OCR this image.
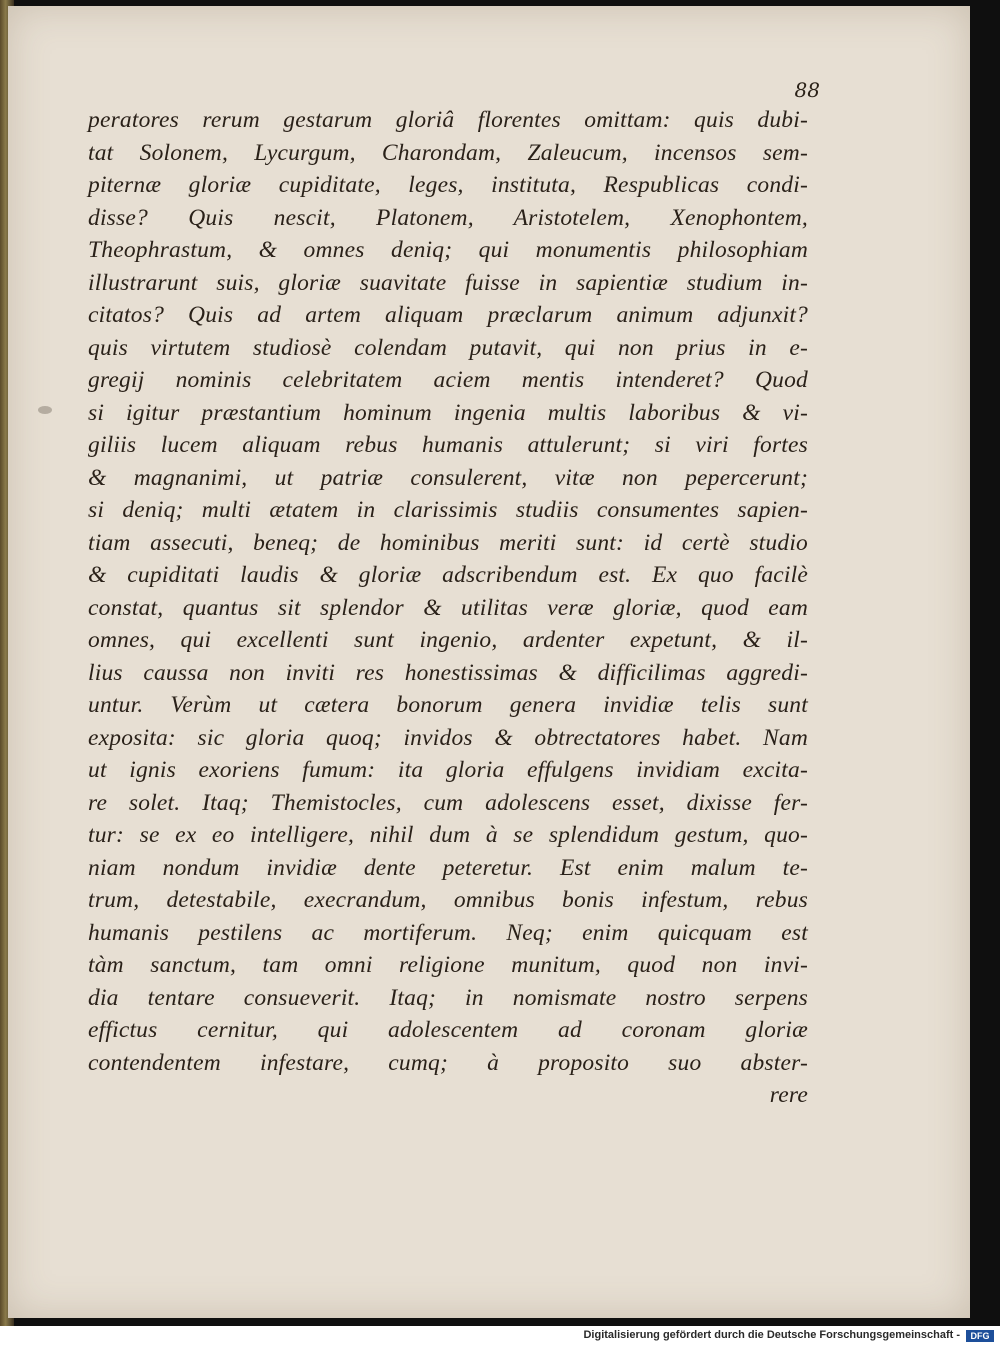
88
peratores rerum gestarum gloriâ florentes omittam: quis dubi-
tat Solonem, Lycurgum, Charondam, Zaleucum, incensos sem-
piternæ gloriæ cupiditate, leges, instituta, Respublicas condi-
disse? Quis nescit, Platonem, Aristotelem, Xenophontem,
Theophrastum, & omnes deniq; qui monumentis philosophiam
illustrarunt suis, gloriæ suavitate fuisse in sapientiæ studium in-
citatos? Quis ad artem aliquam præclarum animum adjunxit?
quis virtutem studiosè colendam putavit, qui non prius in e-
gregij nominis celebritatem aciem mentis intenderet? Quod
si igitur præstantium hominum ingenia multis laboribus & vi-
giliis lucem aliquam rebus humanis attulerunt; si viri fortes
& magnanimi, ut patriæ consulerent, vitæ non pepercerunt;
si deniq; multi ætatem in clarissimis studiis consumentes sapien-
tiam assecuti, beneq; de hominibus meriti sunt: id certè studio
& cupiditati laudis & gloriæ adscribendum est. Ex quo facilè
constat, quantus sit splendor & utilitas veræ gloriæ, quod eam
omnes, qui excellenti sunt ingenio, ardenter expetunt, & il-
lius caussa non inviti res honestissimas & difficilimas aggredi-
untur. Verùm ut cætera bonorum genera invidiæ telis sunt
exposita: sic gloria quoq; invidos & obtrectatores habet. Nam
ut ignis exoriens fumum: ita gloria effulgens invidiam excita-
re solet. Itaq; Themistocles, cum adolescens esset, dixisse fer-
tur: se ex eo intelligere, nihil dum à se splendidum gestum, quo-
niam nondum invidiæ dente peteretur. Est enim malum te-
trum, detestabile, execrandum, omnibus bonis infestum, rebus
humanis pestilens ac mortiferum. Neq; enim quicquam est
tàm sanctum, tam omni religione munitum, quod non invi-
dia tentare consueverit. Itaq; in nomismate nostro serpens
effictus cernitur, qui adolescentem ad coronam gloriæ
contendentem infestare, cumq; à proposito suo abster-
rere
Digitalisierung gefördert durch die Deutsche Forschungsgemeinschaft -	DFG
